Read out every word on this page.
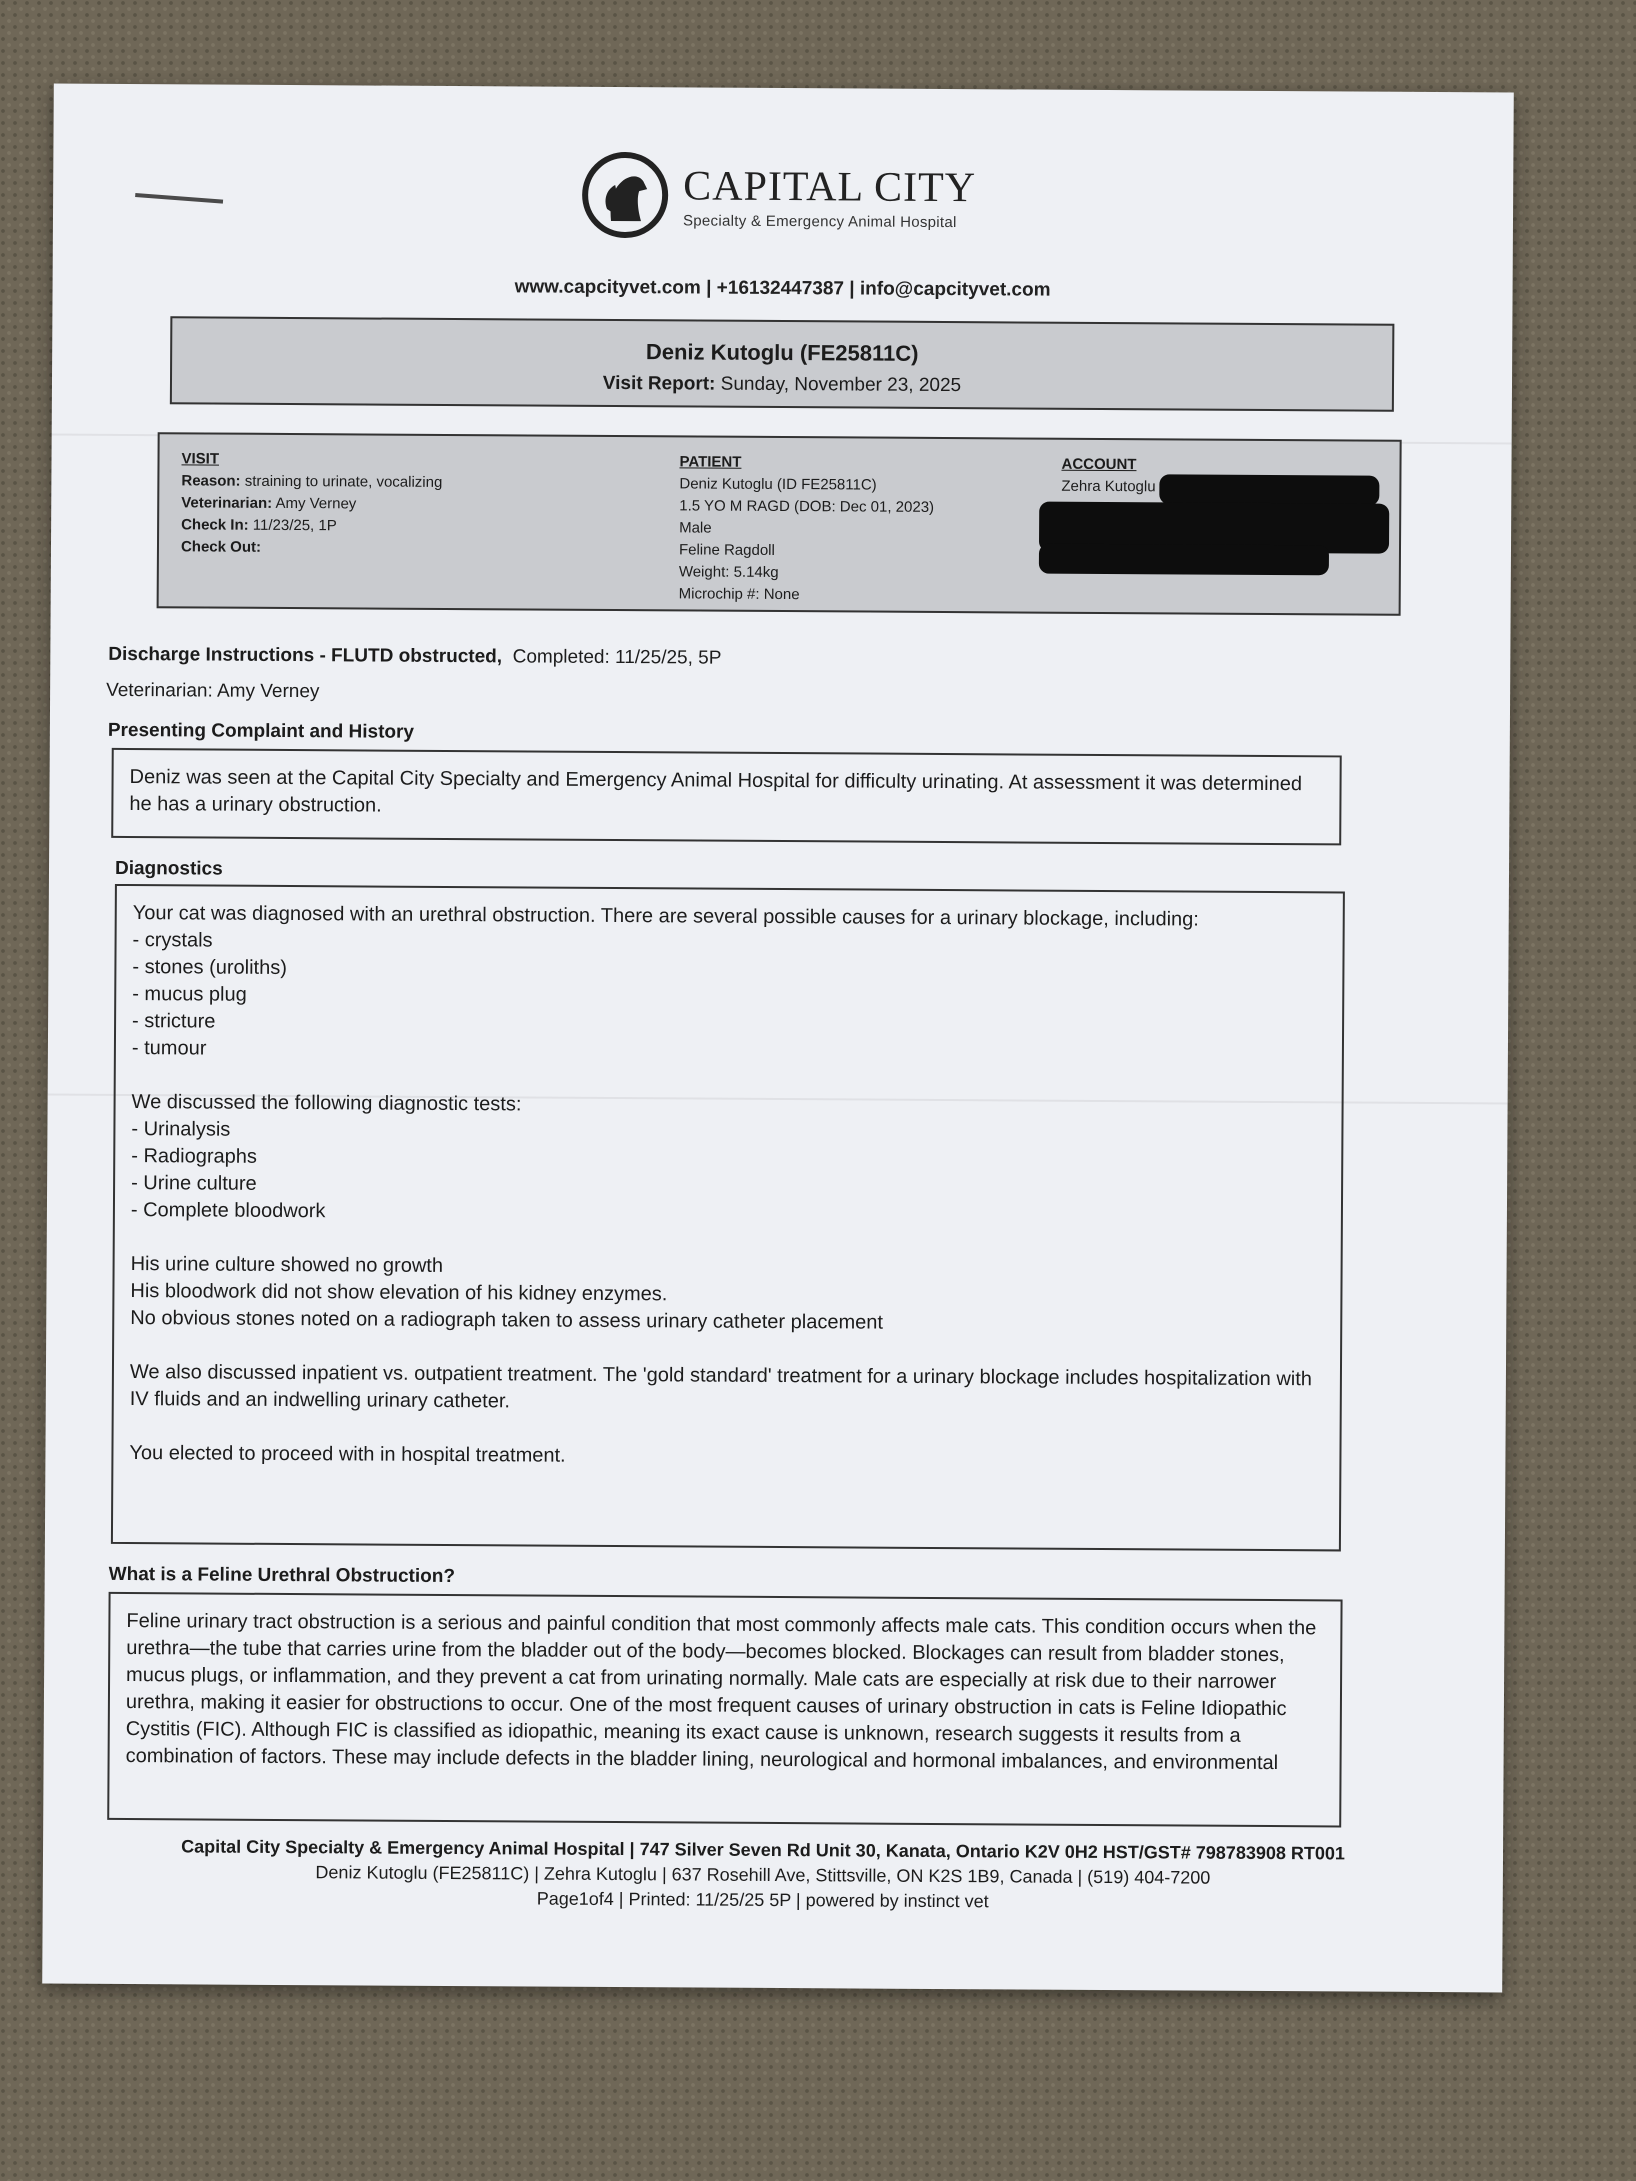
CAPITAL CITY
Specialty & Emergency Animal Hospital
www.capcityvet.com | +16132447387 | info@capcityvet.com
Deniz Kutoglu (FE25811C)
Visit Report: Sunday, November 23, 2025
VISIT
Reason: straining to urinate, vocalizing
Veterinarian: Amy Verney
Check In: 11/23/25, 1P
Check Out:
PATIENT
Deniz Kutoglu (ID FE25811C)
1.5 YO M RAGD (DOB: Dec 01, 2023)
Male
Feline Ragdoll
Weight: 5.14kg
Microchip #: None
ACCOUNT
Zehra Kutoglu
Discharge Instructions - FLUTD obstructed, Completed: 11/25/25, 5P
Veterinarian: Amy Verney
Presenting Complaint and History
Deniz was seen at the Capital City Specialty and Emergency Animal Hospital for difficulty urinating. At assessment it was determined he has a urinary obstruction.
Diagnostics
Your cat was diagnosed with an urethral obstruction. There are several possible causes for a urinary blockage, including:
- crystals
- stones (uroliths)
- mucus plug
- stricture
- tumour
We discussed the following diagnostic tests:
- Urinalysis
- Radiographs
- Urine culture
- Complete bloodwork
His urine culture showed no growth
His bloodwork did not show elevation of his kidney enzymes.
No obvious stones noted on a radiograph taken to assess urinary catheter placement
We also discussed inpatient vs. outpatient treatment. The 'gold standard' treatment for a urinary blockage includes hospitalization with IV fluids and an indwelling urinary catheter.
You elected to proceed with in hospital treatment.
What is a Feline Urethral Obstruction?
Feline urinary tract obstruction is a serious and painful condition that most commonly affects male cats. This condition occurs when the urethra—the tube that carries urine from the bladder out of the body—becomes blocked. Blockages can result from bladder stones, mucus plugs, or inflammation, and they prevent a cat from urinating normally. Male cats are especially at risk due to their narrower urethra, making it easier for obstructions to occur. One of the most frequent causes of urinary obstruction in cats is Feline Idiopathic Cystitis (FIC). Although FIC is classified as idiopathic, meaning its exact cause is unknown, research suggests it results from a combination of factors. These may include defects in the bladder lining, neurological and hormonal imbalances, and environmental
Capital City Specialty & Emergency Animal Hospital | 747 Silver Seven Rd Unit 30, Kanata, Ontario K2V 0H2 HST/GST# 798783908 RT001
Deniz Kutoglu (FE25811C) | Zehra Kutoglu | 637 Rosehill Ave, Stittsville, ON K2S 1B9, Canada | (519) 404-7200
Page1of4 | Printed: 11/25/25 5P | powered by instinct vet
